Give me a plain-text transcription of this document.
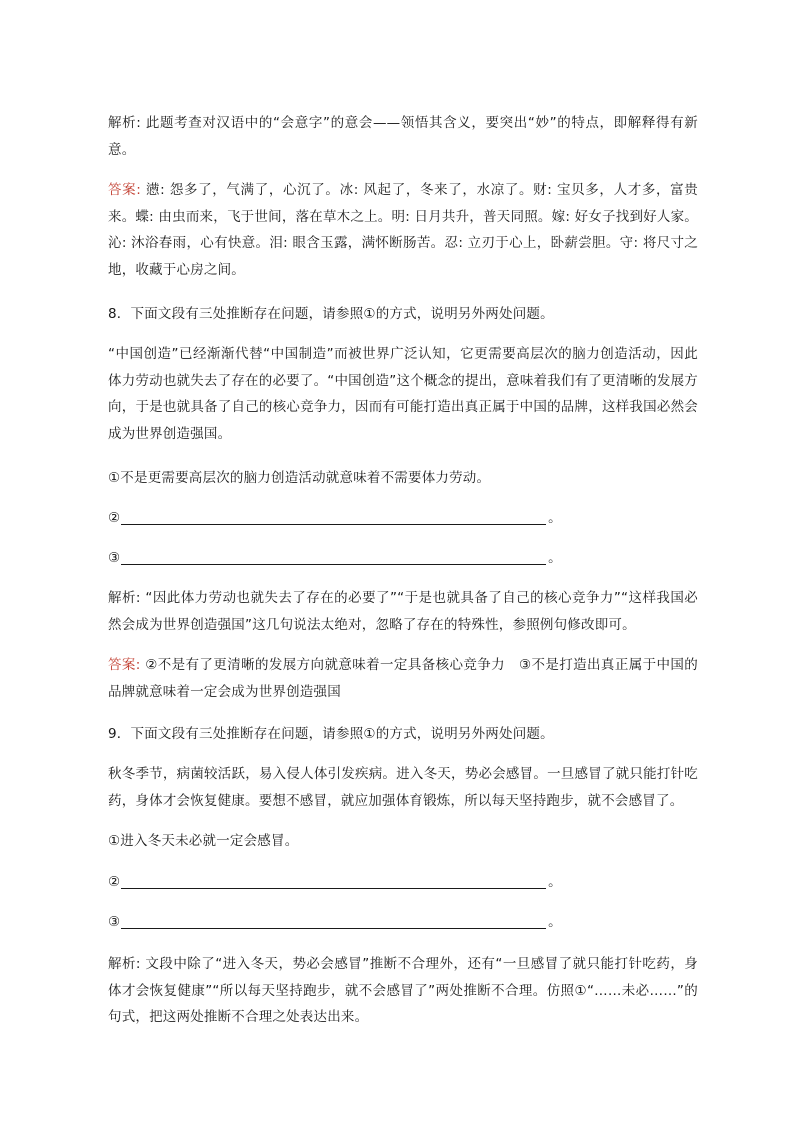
解析: 此题考查对汉语中的“会意字”的意会——领悟其含义，要突出“妙”的特点，即解释得有新意。
答案: 懑: 怨多了，气满了，心沉了。冰: 风起了，冬来了，水凉了。财: 宝贝多，人才多，富贵来。蝶: 由虫而来，飞于世间，落在草木之上。明: 日月共升，普天同照。嫁: 好女子找到好人家。沁: 沐浴春雨，心有快意。泪: 眼含玉露，满怀断肠苦。忍: 立刃于心上，卧薪尝胆。守: 将尺寸之地，收藏于心房之间。
8．下面文段有三处推断存在问题，请参照①的方式，说明另外两处问题。
“中国创造”已经渐渐代替“中国制造”而被世界广泛认知，它更需要高层次的脑力创造活动，因此体力劳动也就失去了存在的必要了。“中国创造”这个概念的提出，意味着我们有了更清晰的发展方向，于是也就具备了自己的核心竞争力，因而有可能打造出真正属于中国的品牌，这样我国必然会成为世界创造强国。
①不是更需要高层次的脑力创造活动就意味着不需要体力劳动。
②	。
③	。
解析: “因此体力劳动也就失去了存在的必要了”“于是也就具备了自己的核心竞争力”“这样我国必然会成为世界创造强国”这几句说法太绝对，忽略了存在的特殊性，参照例句修改即可。
答案: ②不是有了更清晰的发展方向就意味着一定具备核心竞争力　③不是打造出真正属于中国的品牌就意味着一定会成为世界创造强国
9．下面文段有三处推断存在问题，请参照①的方式，说明另外两处问题。
秋冬季节，病菌较活跃，易入侵人体引发疾病。进入冬天，势必会感冒。一旦感冒了就只能打针吃药，身体才会恢复健康。要想不感冒，就应加强体育锻炼，所以每天坚持跑步，就不会感冒了。
①进入冬天未必就一定会感冒。
②	。
③	。
解析: 文段中除了“进入冬天，势必会感冒”推断不合理外，还有“一旦感冒了就只能打针吃药，身体才会恢复健康”“所以每天坚持跑步，就不会感冒了”两处推断不合理。仿照①“……未必……”的句式，把这两处推断不合理之处表达出来。
